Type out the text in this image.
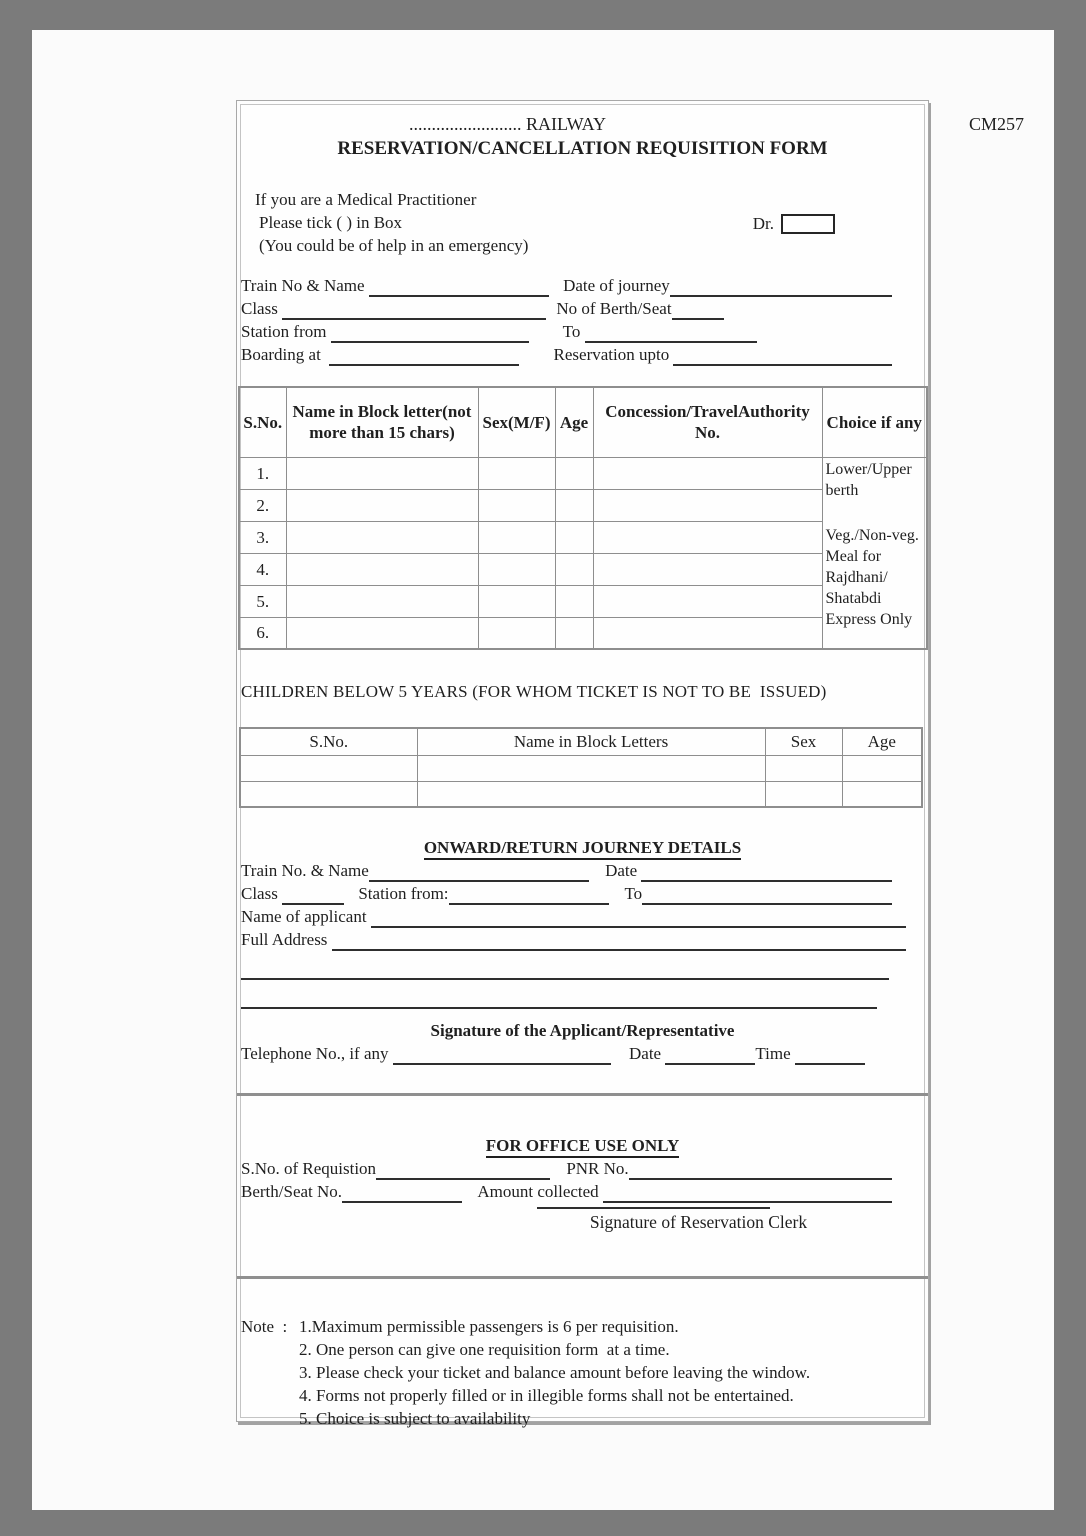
......................... RAILWAY	CM257
RESERVATION/CANCELLATION REQUISITION FORM
If you are a Medical Practitioner
Please tick ( ) in Box
(You could be of help in an emergency)
Dr.
Train No & Name	Date of journey
Class	No of Berth/Seat
Station from	To
Boarding at	Reservation upto
S.No.	Name in Block letter(not more than 15 chars)	Sex(M/F)	Age	Concession/TravelAuthority No.	Choice if any
1.					Lower/Upper berth
Veg./Non-veg. Meal for Rajdhani/ Shatabdi Express Only

2.					
3.					
4.					
5.					
6.					
CHILDREN BELOW 5 YEARS (FOR WHOM TICKET IS NOT TO BE  ISSUED)
S.No.	Name in Block Letters	Sex	Age

ONWARD/RETURN JOURNEY DETAILS
Train No. & Name	Date
Class	Station from:	To
Name of applicant
Full Address
Signature of the Applicant/Representative
Telephone No., if any	Date	Time
FOR OFFICE USE ONLY
S.No. of Requistion	PNR No.
Berth/Seat No.	Amount collected
Signature of Reservation Clerk
Note  : 1.Maximum permissible passengers is 6 per requisition.
2. One person can give one requisition form  at a time.
3. Please check your ticket and balance amount before leaving the window.
4. Forms not properly filled or in illegible forms shall not be entertained.
5. Choice is subject to availability
